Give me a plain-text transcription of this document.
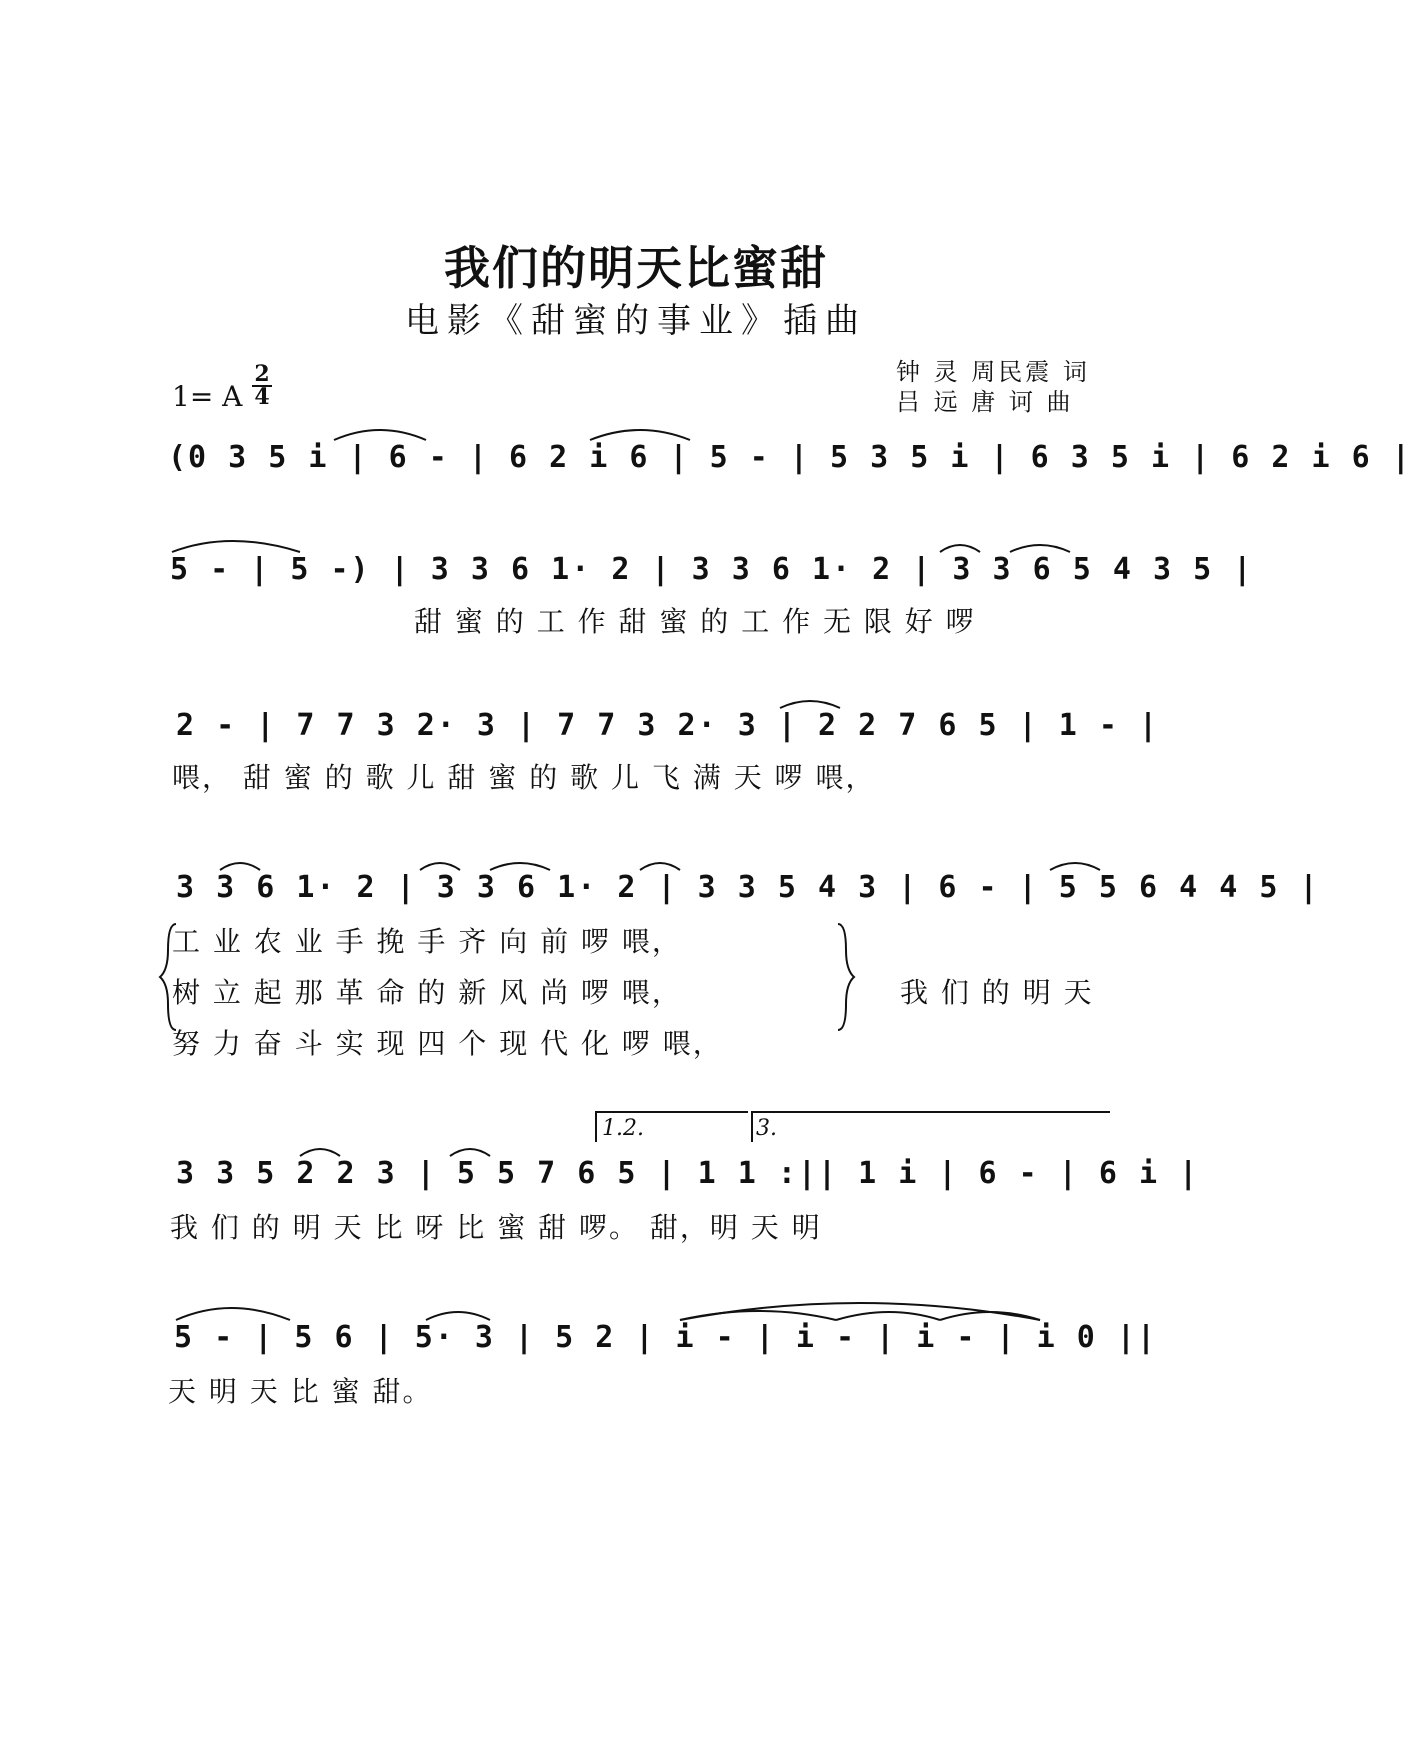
我们的明天比蜜甜
电影《甜蜜的事业》插曲
1= A
2
4
钟 灵 周民震 词
吕 远 唐 诃 曲
(0 3 5 i | 6 - | 6 2 i 6 | 5 - | 5 3 5 i | 6 3 5 i | 6 2 i 6 |
5 - | 5 -) | 3 3 6 1· 2 | 3 3 6 1· 2 | 3 3 6 5 4 3 5 |
甜 蜜 的 工 作 甜 蜜 的 工 作 无 限 好 啰
2 - | 7 7 3 2· 3 | 7 7 3 2· 3 | 2 2 7 6 5 | 1 - |
喂， 甜 蜜 的 歌 儿 甜 蜜 的 歌 儿 飞 满 天 啰 喂，
3 3 6 1· 2 | 3 3 6 1· 2 | 3 3 5 4 3 | 6 - | 5 5 6 4 4 5 |
工 业 农 业 手 挽 手 齐 向 前 啰 喂，
树 立 起 那 革 命 的 新 风 尚 啰 喂，
努 力 奋 斗 实 现 四 个 现 代 化 啰 喂，
我 们 的 明 天
1.2.	3.
3 3 5 2 2 3 | 5 5 7 6 5 | 1 1 :|| 1 i | 6 - | 6 i |
我 们 的 明 天 比 呀 比 蜜 甜 啰。 甜，明 天 明
5 - | 5 6 | 5· 3 | 5 2 | i - | i - | i - | i 0 ||
天 明 天 比 蜜 甜。
